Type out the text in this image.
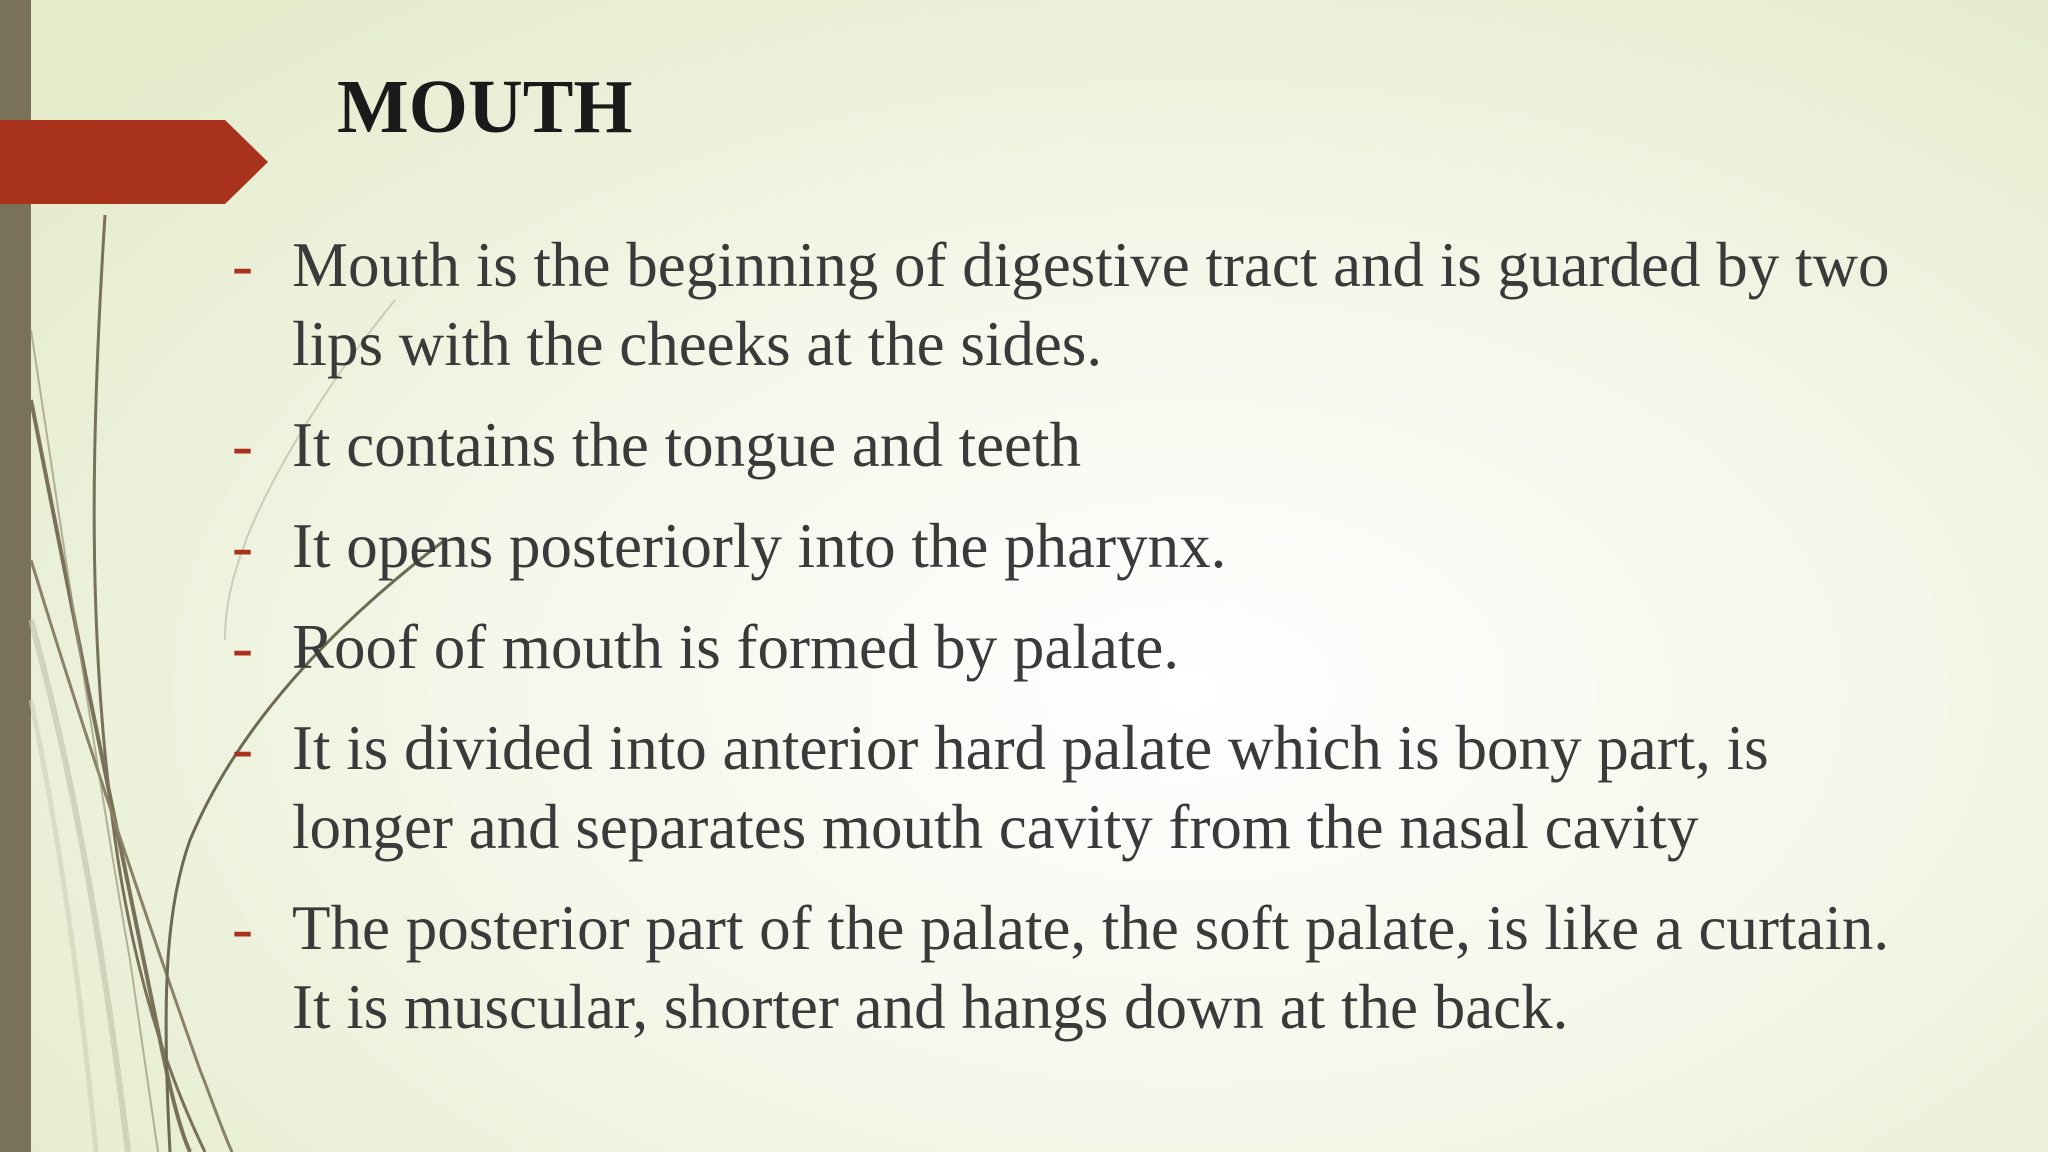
MOUTH
- Mouth is the beginning of digestive tract and is guarded by two lips with the cheeks at the sides.
- It contains the tongue and teeth
- It opens posteriorly into the pharynx.
- Roof of mouth is formed by palate.
- It is divided into anterior hard palate which is bony part, is longer and separates mouth cavity from the nasal cavity
- The posterior part of the palate, the soft palate, is like a curtain. It is muscular, shorter and hangs down at the back.
